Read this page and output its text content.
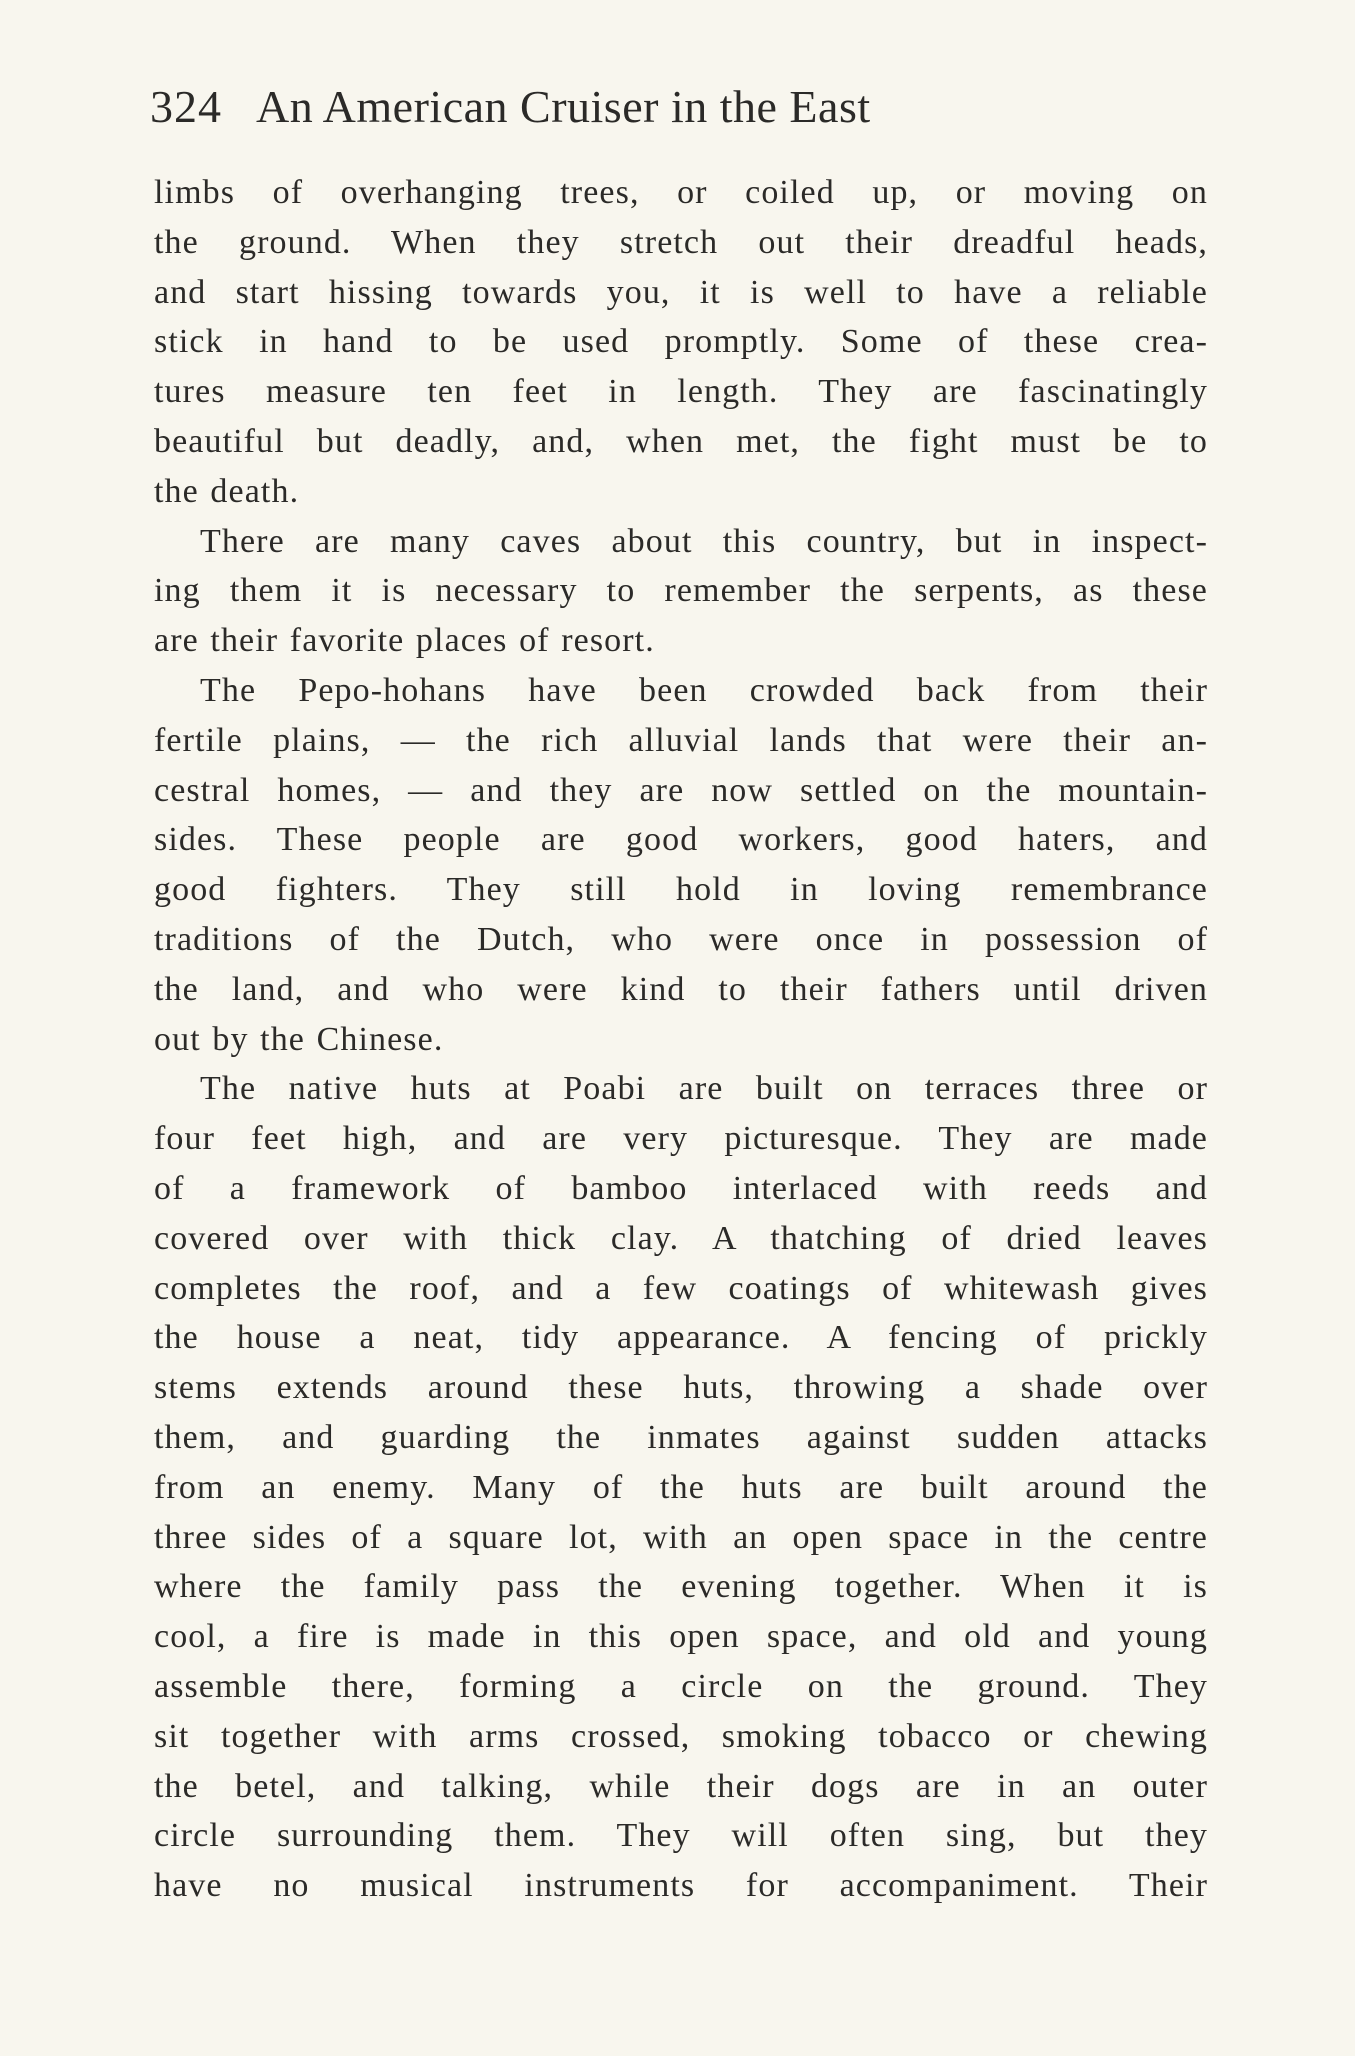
324 An American Cruiser in the East
limbs of overhanging trees, or coiled up, or moving on
the ground. When they stretch out their dreadful heads,
and start hissing towards you, it is well to have a reliable
stick in hand to be used promptly. Some of these crea-
tures measure ten feet in length. They are fascinatingly
beautiful but deadly, and, when met, the fight must be to
the death.
There are many caves about this country, but in inspect-
ing them it is necessary to remember the serpents, as these
are their favorite places of resort.
The Pepo-hohans have been crowded back from their
fertile plains, — the rich alluvial lands that were their an-
cestral homes, — and they are now settled on the mountain-
sides. These people are good workers, good haters, and
good fighters. They still hold in loving remembrance
traditions of the Dutch, who were once in possession of
the land, and who were kind to their fathers until driven
out by the Chinese.
The native huts at Poabi are built on terraces three or
four feet high, and are very picturesque. They are made
of a framework of bamboo interlaced with reeds and
covered over with thick clay. A thatching of dried leaves
completes the roof, and a few coatings of whitewash gives
the house a neat, tidy appearance. A fencing of prickly
stems extends around these huts, throwing a shade over
them, and guarding the inmates against sudden attacks
from an enemy. Many of the huts are built around the
three sides of a square lot, with an open space in the centre
where the family pass the evening together. When it is
cool, a fire is made in this open space, and old and young
assemble there, forming a circle on the ground. They
sit together with arms crossed, smoking tobacco or chewing
the betel, and talking, while their dogs are in an outer
circle surrounding them. They will often sing, but they
have no musical instruments for accompaniment. Their
